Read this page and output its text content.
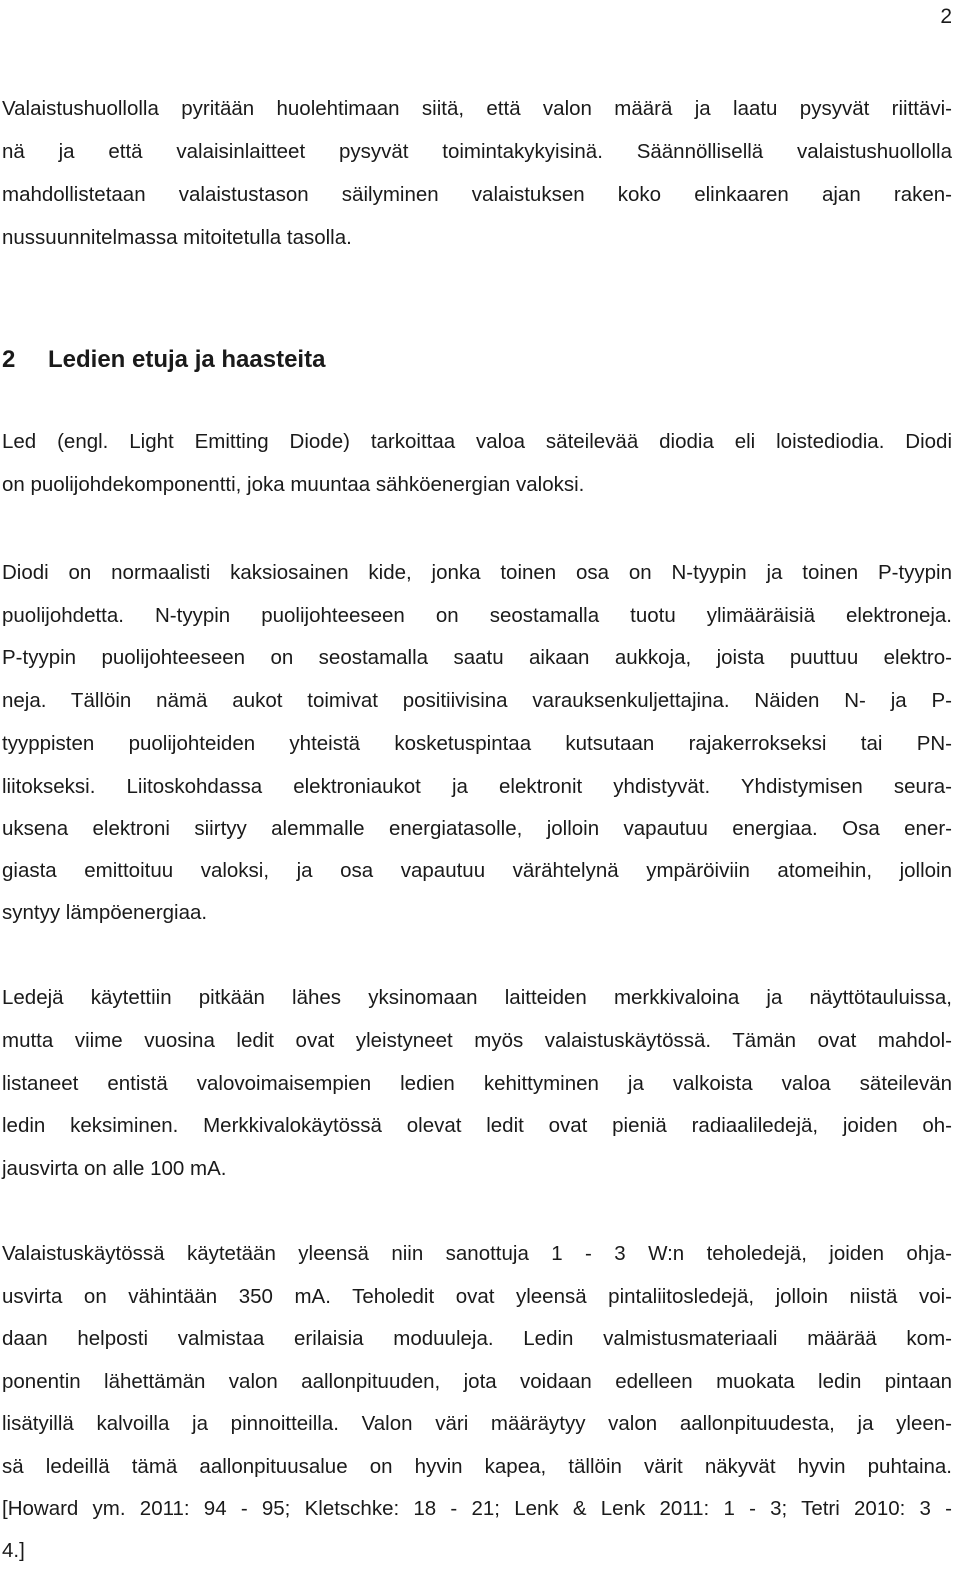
2
Valaistushuollolla pyritään huolehtimaan siitä, että valon määrä ja laatu pysyvät riittävi-
nä ja että valaisinlaitteet pysyvät toimintakykyisinä. Säännöllisellä valaistushuollolla
mahdollistetaan valaistustason säilyminen valaistuksen koko elinkaaren ajan raken-
nussuunnitelmassa mitoitetulla tasolla.
2 Ledien etuja ja haasteita
Led (engl. Light Emitting Diode) tarkoittaa valoa säteilevää diodia eli loistediodia. Diodi
on puolijohdekomponentti, joka muuntaa sähköenergian valoksi.
Diodi on normaalisti kaksiosainen kide, jonka toinen osa on N-tyypin ja toinen P-tyypin
puolijohdetta. N-tyypin puolijohteeseen on seostamalla tuotu ylimääräisiä elektroneja.
P-tyypin puolijohteeseen on seostamalla saatu aikaan aukkoja, joista puuttuu elektro-
neja. Tällöin nämä aukot toimivat positiivisina varauksenkuljettajina. Näiden N- ja P-
tyyppisten puolijohteiden yhteistä kosketuspintaa kutsutaan rajakerrokseksi tai PN-
liitokseksi. Liitoskohdassa elektroniaukot ja elektronit yhdistyvät. Yhdistymisen seura-
uksena elektroni siirtyy alemmalle energiatasolle, jolloin vapautuu energiaa. Osa ener-
giasta emittoituu valoksi, ja osa vapautuu värähtelynä ympäröiviin atomeihin, jolloin
syntyy lämpöenergiaa.
Ledejä käytettiin pitkään lähes yksinomaan laitteiden merkkivaloina ja näyttötauluissa,
mutta viime vuosina ledit ovat yleistyneet myös valaistuskäytössä. Tämän ovat mahdol-
listaneet entistä valovoimaisempien ledien kehittyminen ja valkoista valoa säteilevän
ledin keksiminen. Merkkivalokäytössä olevat ledit ovat pieniä radiaaliledejä, joiden oh-
jausvirta on alle 100 mA.
Valaistuskäytössä käytetään yleensä niin sanottuja 1 - 3 W:n teholedejä, joiden ohja-
usvirta on vähintään 350 mA. Teholedit ovat yleensä pintaliitosledejä, jolloin niistä voi-
daan helposti valmistaa erilaisia moduuleja. Ledin valmistusmateriaali määrää kom-
ponentin lähettämän valon aallonpituuden, jota voidaan edelleen muokata ledin pintaan
lisätyillä kalvoilla ja pinnoitteilla. Valon väri määräytyy valon aallonpituudesta, ja yleen-
sä ledeillä tämä aallonpituusalue on hyvin kapea, tällöin värit näkyvät hyvin puhtaina.
[Howard ym. 2011: 94 - 95; Kletschke: 18 - 21; Lenk & Lenk 2011: 1 - 3; Tetri 2010: 3 -
4.]
